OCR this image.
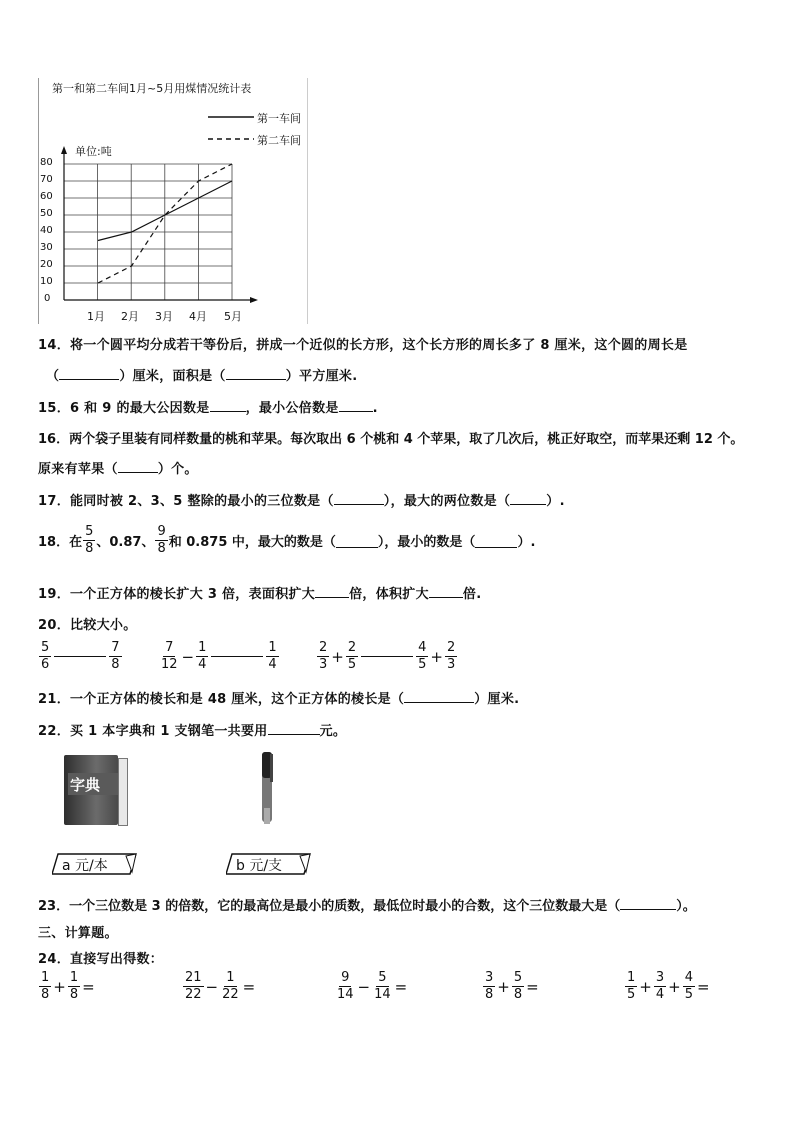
第一和第二车间1月~5月用煤情况统计表
第一车间
第二车间
单位:吨
80
70
60
50
40
30
20
10
0
1月 2月 3月 4月 5月
14．将一个圆平均分成若干等份后，拼成一个近似的长方形，这个长方形的周长多了 8 厘米，这个圆的周长是
（	）厘米，面积是（	）平方厘米.
15．6 和 9 的最大公因数是	，最小公倍数是	.
16．两个袋子里装有同样数量的桃和苹果。每次取出 6 个桃和 4 个苹果，取了几次后，桃正好取空，而苹果还剩 12 个。
原来有苹果（	）个。
17．能同时被 2、3、5 整除的最小的三位数是（	），最大的两位数是（	）.
18．在 $\frac{5}{8}$ 、0.87、 $\frac{9}{8}$ 和 0.875 中，最大的数是（	），最小的数是（	）.
19．一个正方体的棱长扩大 3 倍，表面积扩大	倍，体积扩大	倍.
20．比较大小。
$\frac{5}{6}$	$\frac{7}{8}$	$\frac{7}{12} - \frac{1}{4}$	$\frac{1}{4}$	$\frac{2}{3} + \frac{2}{5}$	$\frac{4}{5} + \frac{2}{3}$
21．一个正方体的棱长和是 48 厘米，这个正方体的棱长是（	）厘米.
22．买 1 本字典和 1 支钢笔一共要用	元。
字典
a 元/本	b 元/支
23．一个三位数是 3 的倍数，它的最高位是最小的质数，最低位时最小的合数，这个三位数最大是（	）。
三、计算题。
24．直接写出得数：
$\frac{1}{8} + \frac{1}{8}$ =	$\frac{21}{22} - \frac{1}{22}$ =	$\frac{9}{14} - \frac{5}{14}$ =	$\frac{3}{8} + \frac{5}{8}$ =	$\frac{1}{5} + \frac{3}{4} + \frac{4}{5}$ =
